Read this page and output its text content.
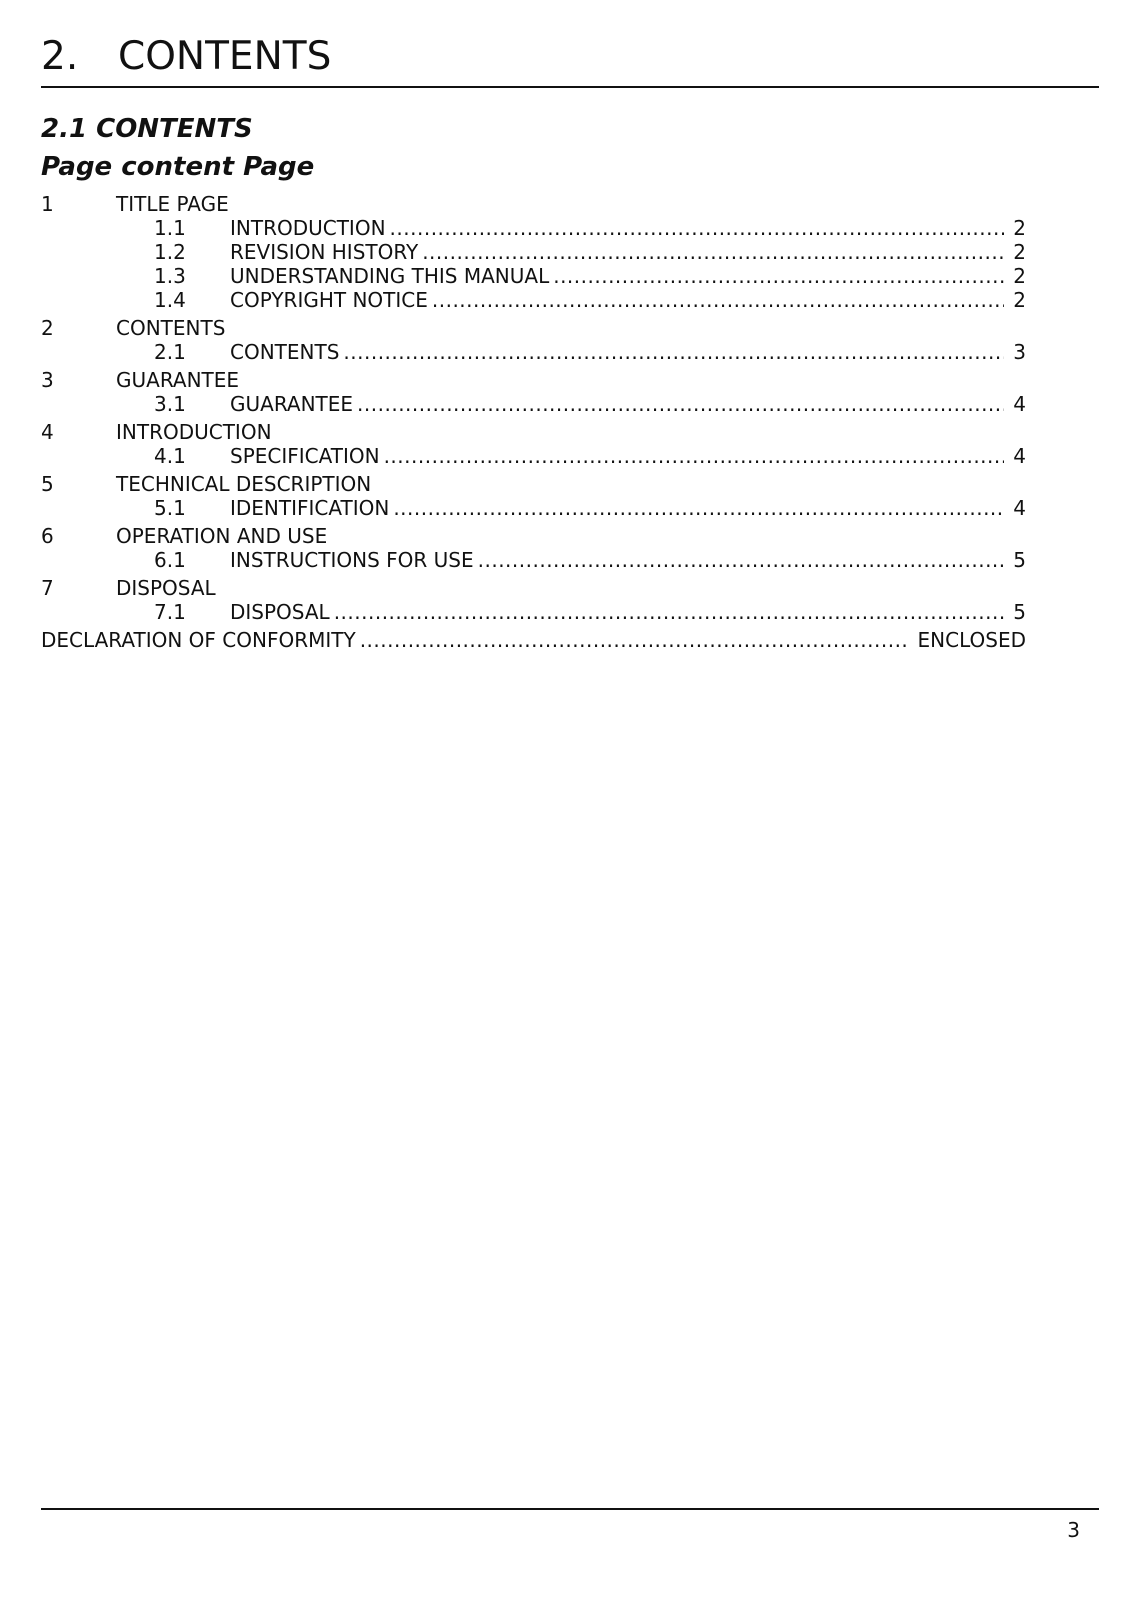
2. CONTENTS
2.1 CONTENTS
Page content Page
1	TITLE PAGE
1.1	INTRODUCTION .....	2
1.2	REVISION HISTORY .....	2
1.3	UNDERSTANDING THIS MANUAL .....	2
1.4	COPYRIGHT NOTICE .....	2
2	CONTENTS
2.1	CONTENTS .....	3
3	GUARANTEE
3.1	GUARANTEE .....	4
4	INTRODUCTION
4.1	SPECIFICATION .....	4
5	TECHNICAL DESCRIPTION
5.1	IDENTIFICATION .....	4
6	OPERATION AND USE
6.1	INSTRUCTIONS FOR USE .....	5
7	DISPOSAL
7.1	DISPOSAL .....	5
DECLARATION OF CONFORMITY .....	ENCLOSED
3
